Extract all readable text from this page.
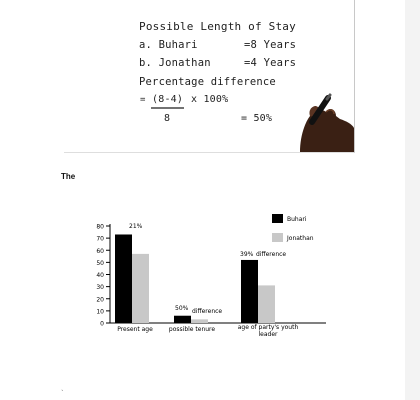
Possible Length of Stay

a. Buhari	=8 Years

b. Jonathan	=4 Years

Percentage difference

= (8-4) x 100%

8	= 50%

The
0
10
20
30
40
50
60
70
80
Present age	possible tenure	age of party's youth
leader
21%
50% difference
39% difference
Buhari
Jonathan
`
